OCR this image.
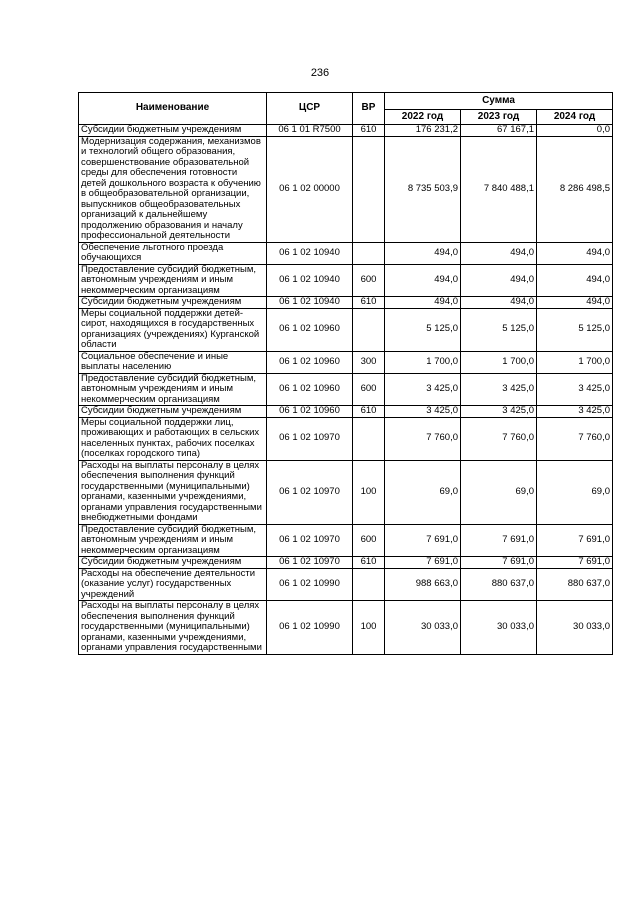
236
Наименование	ЦСР	ВР	Сумма		
			2022 год	2023 год	2024 год
Субсидии бюджетным учреждениям	06 1 01 R7500	610	176 231,2	67 167,1	0,0
Модернизация содержания, механизмов и технологий общего образования, совершенствование образовательной среды для обеспечения готовности детей дошкольного возраста к обучению в общеобразовательной организации, выпускников общеобразовательных организаций к дальнейшему продолжению образования и началу профессиональной деятельности	06 1 02 00000		8 735 503,9	7 840 488,1	8 286 498,5
Обеспечение льготного проезда обучающихся	06 1 02 10940		494,0	494,0	494,0
Предоставление субсидий бюджетным, автономным учреждениям и иным некоммерческим организациям	06 1 02 10940	600	494,0	494,0	494,0
Субсидии бюджетным учреждениям	06 1 02 10940	610	494,0	494,0	494,0
Меры социальной поддержки детей-сирот, находящихся в государственных организациях (учреждениях) Курганской области	06 1 02 10960		5 125,0	5 125,0	5 125,0
Социальное обеспечение и иные выплаты населению	06 1 02 10960	300	1 700,0	1 700,0	1 700,0
Предоставление субсидий бюджетным, автономным учреждениям и иным некоммерческим организациям	06 1 02 10960	600	3 425,0	3 425,0	3 425,0
Субсидии бюджетным учреждениям	06 1 02 10960	610	3 425,0	3 425,0	3 425,0
Меры социальной поддержки лиц, проживающих и работающих в сельских населенных пунктах, рабочих поселках (поселках городского типа)	06 1 02 10970		7 760,0	7 760,0	7 760,0
Расходы на выплаты персоналу в целях обеспечения выполнения функций государственными (муниципальными) органами, казенными учреждениями, органами управления государственными внебюджетными фондами	06 1 02 10970	100	69,0	69,0	69,0
Предоставление субсидий бюджетным, автономным учреждениям и иным некоммерческим организациям	06 1 02 10970	600	7 691,0	7 691,0	7 691,0
Субсидии бюджетным учреждениям	06 1 02 10970	610	7 691,0	7 691,0	7 691,0
Расходы на обеспечение деятельности (оказание услуг) государственных учреждений	06 1 02 10990		988 663,0	880 637,0	880 637,0
Расходы на выплаты персоналу в целях обеспечения выполнения функций государственными (муниципальными) органами, казенными учреждениями, органами управления государственными	06 1 02 10990	100	30 033,0	30 033,0	30 033,0
